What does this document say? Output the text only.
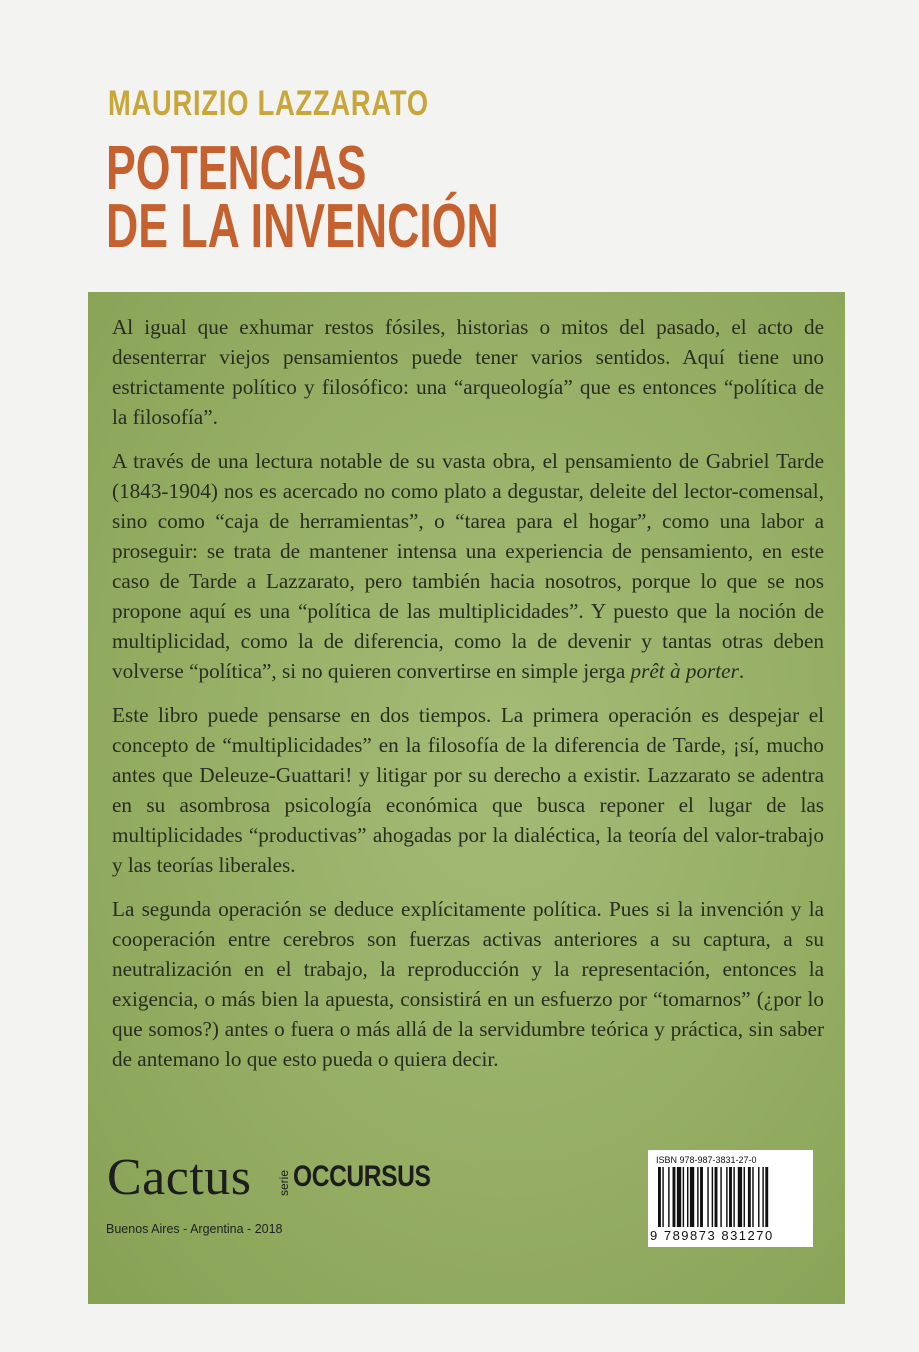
MAURIZIO LAZZARATO
POTENCIAS
DE LA INVENCIÓN

Al igual que exhumar restos fósiles, historias o mitos del pasado, el acto de desenterrar viejos pensamientos puede tener varios sentidos. Aquí tiene uno estrictamente político y filosófico: una “arqueología” que es entonces “política de la filosofía”.

A través de una lectura notable de su vasta obra, el pensamiento de Gabriel Tarde (1843-1904) nos es acercado no como plato a degustar, deleite del lector-comensal, sino como “caja de herramientas”, o “tarea para el hogar”, como una labor a proseguir: se trata de mantener intensa una experiencia de pensamiento, en este caso de Tarde a Lazzarato, pero también hacia nosotros, porque lo que se nos propone aquí es una “política de las multiplicidades”. Y puesto que la noción de multiplicidad, como la de diferencia, como la de devenir y tantas otras deben volverse “política”, si no quieren convertirse en simple jerga prêt à porter.

Este libro puede pensarse en dos tiempos. La primera operación es despejar el concepto de “multiplicidades” en la filosofía de la diferencia de Tarde, ¡sí, mucho antes que Deleuze-Guattari! y litigar por su derecho a existir. Lazzarato se adentra en su asombrosa psicología económica que busca reponer el lugar de las multiplicidades “productivas” ahogadas por la dialéctica, la teoría del valor-trabajo y las teorías liberales.

La segunda operación se deduce explícitamente política. Pues si la invención y la cooperación entre cerebros son fuerzas activas anteriores a su captura, a su neutralización en el trabajo, la reproducción y la representación, entonces la exigencia, o más bien la apuesta, consistirá en un esfuerzo por “tomarnos” (¿por lo que somos?) antes o fuera o más allá de la servidumbre teórica y práctica, sin saber de antemano lo que esto pueda o quiera decir.

Cactus serie OCCURSUS
Buenos Aires - Argentina - 2018
ISBN 978-987-3831-27-0
9 789873 831270
